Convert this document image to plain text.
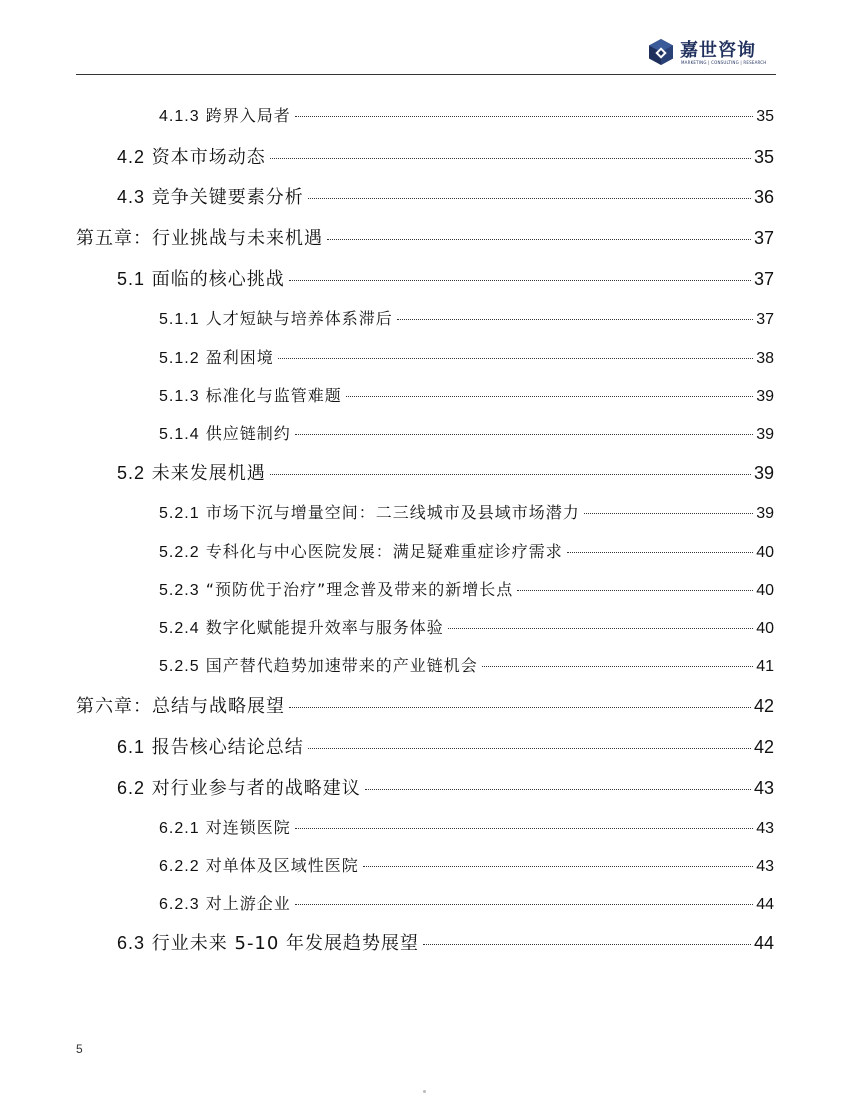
嘉世咨询
MARKETING | CONSULTING | RESEARCH
4.1.3 跨界入局者	35
4.2 资本市场动态	35
4.3 竞争关键要素分析	36
第五章：行业挑战与未来机遇	37
5.1 面临的核心挑战	37
5.1.1 人才短缺与培养体系滞后	37
5.1.2 盈利困境	38
5.1.3 标准化与监管难题	39
5.1.4 供应链制约	39
5.2 未来发展机遇	39
5.2.1 市场下沉与增量空间：二三线城市及县域市场潜力	39
5.2.2 专科化与中心医院发展：满足疑难重症诊疗需求	40
5.2.3 “预防优于治疗”理念普及带来的新增长点	40
5.2.4 数字化赋能提升效率与服务体验	40
5.2.5 国产替代趋势加速带来的产业链机会	41
第六章：总结与战略展望	42
6.1 报告核心结论总结	42
6.2 对行业参与者的战略建议	43
6.2.1 对连锁医院	43
6.2.2 对单体及区域性医院	43
6.2.3 对上游企业	44
6.3 行业未来 5-10 年发展趋势展望	44
5
